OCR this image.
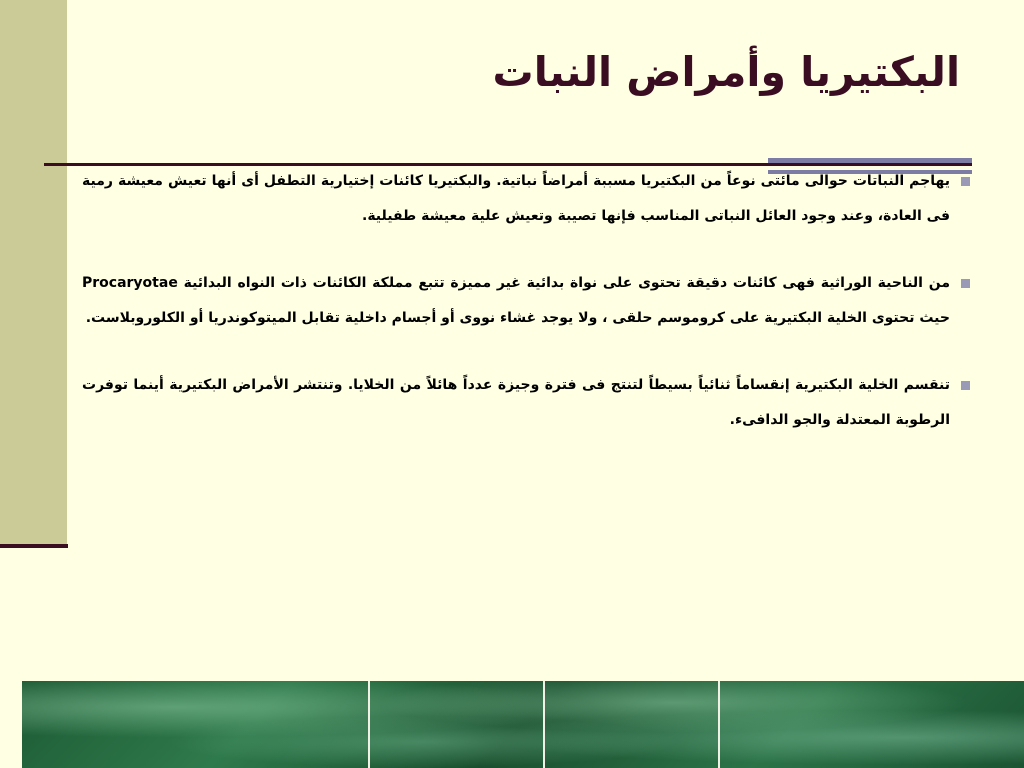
البكتيريا وأمراض النبات
يهاجم النباتات حوالى مائتى نوعاً من البكتيريا مسببة أمراضاً نباتية. والبكتيريا كائنات إختيارية التطفل أى أنها تعيش معيشة رمية فى العادة، وعند وجود العائل النباتى المناسب فإنها تصيبة وتعيش علية معيشة طفيلية.
من الناحية الوراثية فهى كائنات دقيقة تحتوى على نواة بدائية غير مميزة تتبع مملكة الكائنات ذات النواه البدائية Procaryotae حيث تحتوى الخلية البكتيرية على كروموسم حلقى ، ولا يوجد غشاء نووى أو أجسام داخلية تقابل الميتوكوندريا أو الكلوروبلاست.
تنقسم الخلية البكتيرية إنقساماً ثنائياً بسيطاً لتنتج فى فترة وجيزة عدداً هائلاً من الخلايا. وتنتشر الأمراض البكتيرية أينما توفرت الرطوبة المعتدلة والجو الدافىء.
